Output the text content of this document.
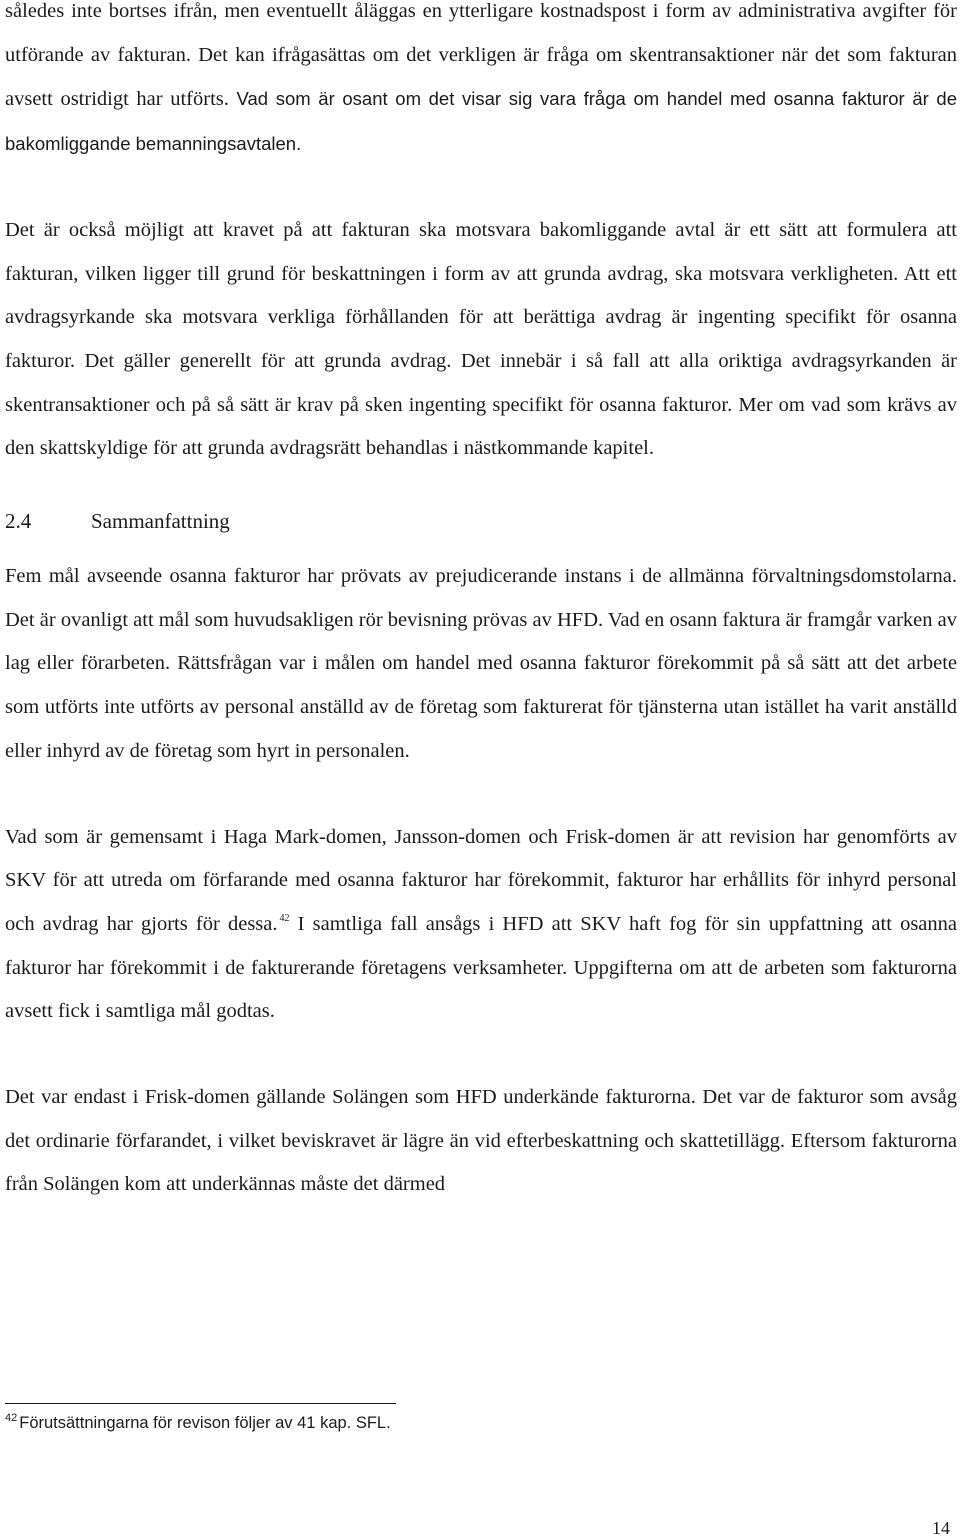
således inte bortses ifrån, men eventuellt åläggas en ytterligare kostnadspost i form av administrativa avgifter för utförande av fakturan. Det kan ifrågasättas om det verkligen är fråga om skentransaktioner när det som fakturan avsett ostridigt har utförts. Vad som är osant om det visar sig vara fråga om handel med osanna fakturor är de bakomliggande bemanningsavtalen.

Det är också möjligt att kravet på att fakturan ska motsvara bakomliggande avtal är ett sätt att formulera att fakturan, vilken ligger till grund för beskattningen i form av att grunda avdrag, ska motsvara verkligheten. Att ett avdragsyrkande ska motsvara verkliga förhållanden för att berättiga avdrag är ingenting specifikt för osanna fakturor. Det gäller generellt för att grunda avdrag. Det innebär i så fall att alla oriktiga avdragsyrkanden är skentransaktioner och på så sätt är krav på sken ingenting specifikt för osanna fakturor. Mer om vad som krävs av den skattskyldige för att grunda avdragsrätt behandlas i nästkommande kapitel.

2.4	Sammanfattning

Fem mål avseende osanna fakturor har prövats av prejudicerande instans i de allmänna förvaltningsdomstolarna. Det är ovanligt att mål som huvudsakligen rör bevisning prövas av HFD. Vad en osann faktura är framgår varken av lag eller förarbeten. Rättsfrågan var i målen om handel med osanna fakturor förekommit på så sätt att det arbete som utförts inte utförts av personal anställd av de företag som fakturerat för tjänsterna utan istället ha varit anställd eller inhyrd av de företag som hyrt in personalen.

Vad som är gemensamt i Haga Mark-domen, Jansson-domen och Frisk-domen är att revision har genomförts av SKV för att utreda om förfarande med osanna fakturor har förekommit, fakturor har erhållits för inhyrd personal och avdrag har gjorts för dessa. $^{42}$ I samtliga fall ansågs i HFD att SKV haft fog för sin uppfattning att osanna fakturor har förekommit i de fakturerande företagens verksamheter. Uppgifterna om att de arbeten som fakturorna avsett fick i samtliga mål godtas.

Det var endast i Frisk-domen gällande Solängen som HFD underkände fakturorna. Det var de fakturor som avsåg det ordinarie förfarandet, i vilket beviskravet är lägre än vid efterbeskattning och skattetillägg. Eftersom fakturorna från Solängen kom att underkännas måste det därmed

$^{42}$ Förutsättningarna för revison följer av 41 kap. SFL.
14
